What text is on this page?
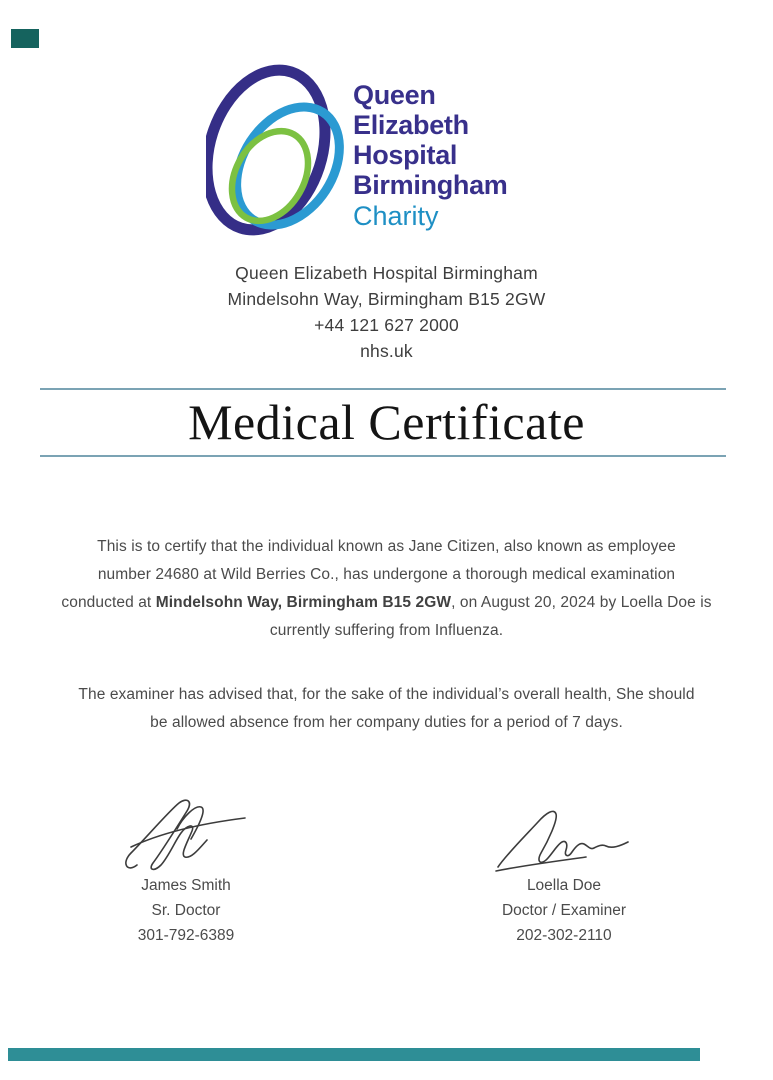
Queen
Elizabeth
Hospital
Birmingham
Charity
Queen Elizabeth Hospital Birmingham
Mindelsohn Way, Birmingham B15 2GW
+44 121 627 2000
nhs.uk
Medical Certificate
This is to certify that the individual known as Jane Citizen, also known as employee
number 24680 at Wild Berries Co., has undergone a thorough medical examination
conducted at Mindelsohn Way, Birmingham B15 2GW, on August 20, 2024 by Loella Doe is
currently suffering from Influenza.
The examiner has advised that, for the sake of the individual’s overall health, She should
be allowed absence from her company duties for a period of 7 days.
James Smith
Sr. Doctor
301-792-6389
Loella Doe
Doctor / Examiner
202-302-2110
